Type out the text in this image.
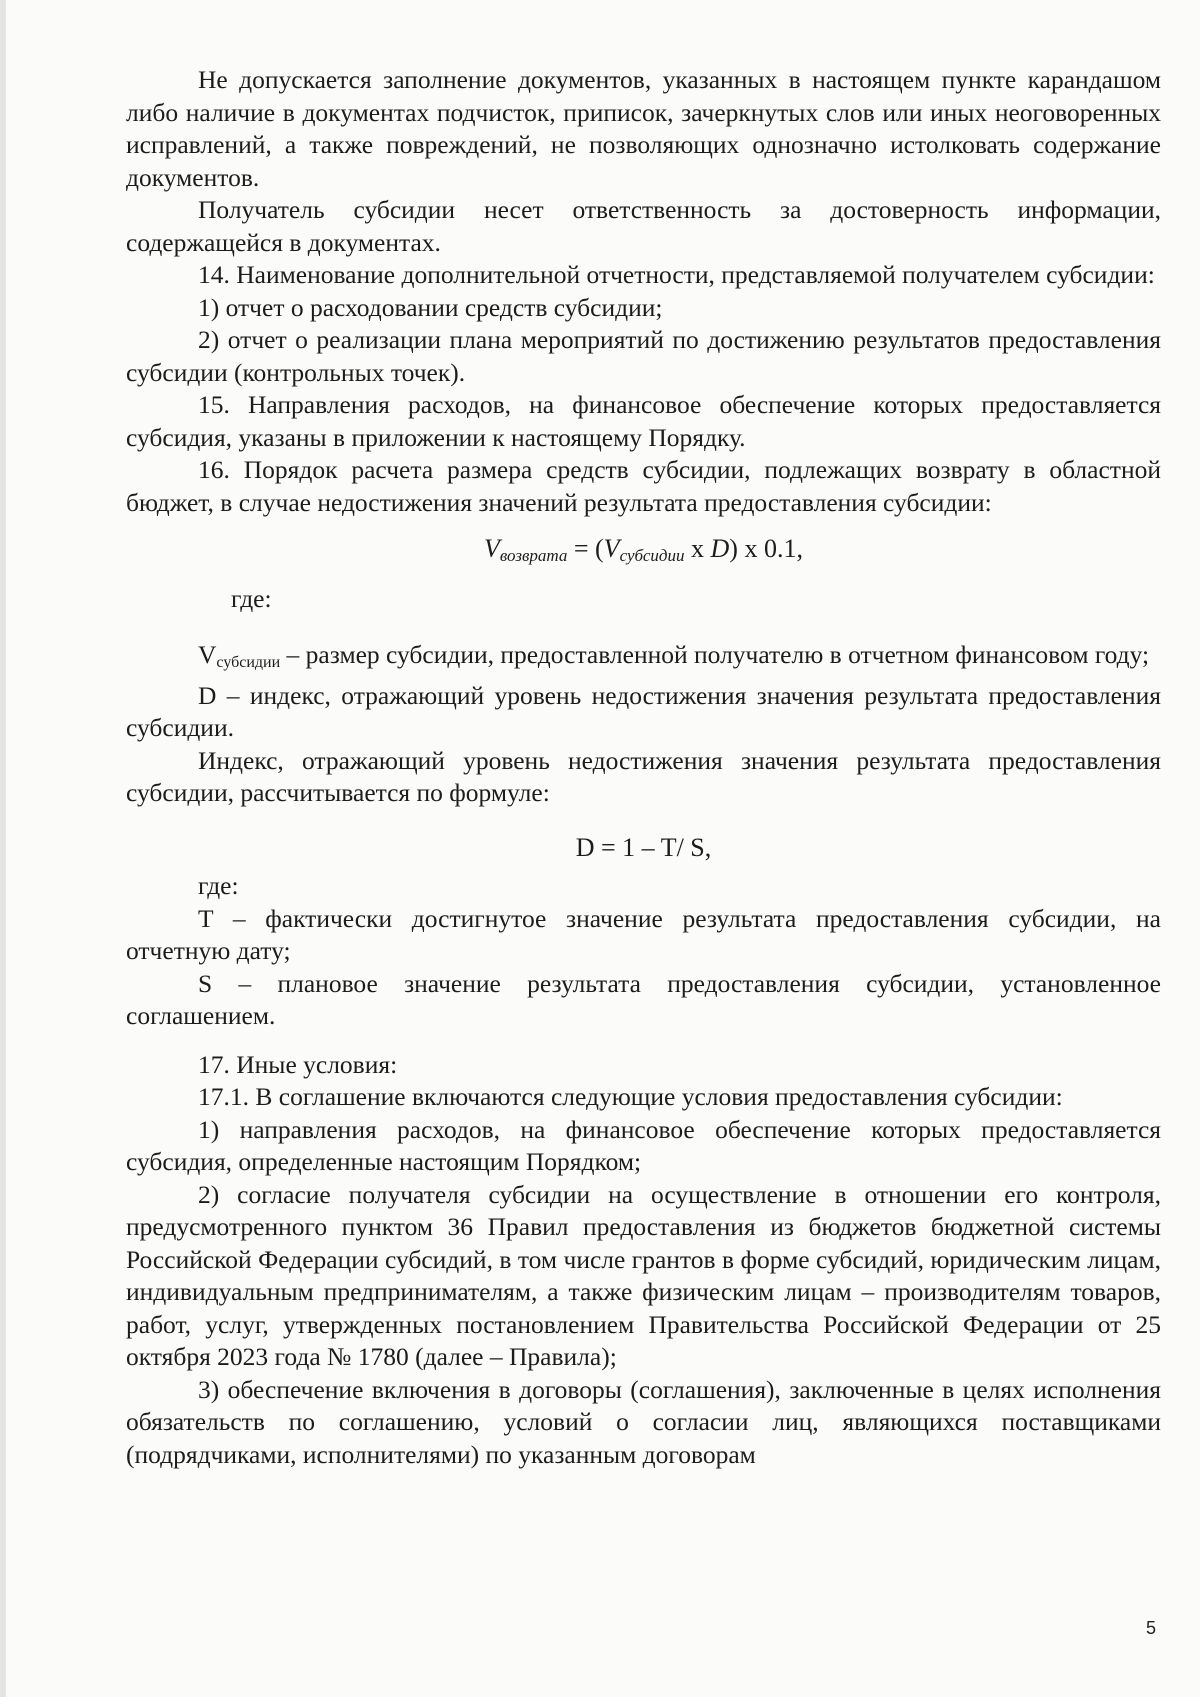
Не допускается заполнение документов, указанных в настоящем пункте карандашом либо наличие в документах подчисток, приписок, зачеркнутых слов или иных неоговоренных исправлений, а также повреждений, не позволяющих однозначно истолковать содержание документов.

Получатель субсидии несет ответственность за достоверность информации, содержащейся в документах.

14. Наименование дополнительной отчетности, представляемой получателем субсидии:

1) отчет о расходовании средств субсидии;

2) отчет о реализации плана мероприятий по достижению результатов предоставления субсидии (контрольных точек).

15. Направления расходов, на финансовое обеспечение которых предоставляется субсидия, указаны в приложении к настоящему Порядку.

16. Порядок расчета размера средств субсидии, подлежащих возврату в областной бюджет, в случае недостижения значений результата предоставления субсидии:

$V_{возврата} = (V_{субсидии}$ x D) x 0.1,

где:

$V_{субсидии}$ – размер субсидии, предоставленной получателю в отчетном финансовом году;

D – индекс, отражающий уровень недостижения значения результата предоставления субсидии.

Индекс, отражающий уровень недостижения значения результата предоставления субсидии, рассчитывается по формуле:

D = 1 – T/ S,

где:

T – фактически достигнутое значение результата предоставления субсидии, на отчетную дату;

S – плановое значение результата предоставления субсидии, установленное соглашением.

17. Иные условия:

17.1. В соглашение включаются следующие условия предоставления субсидии:

1) направления расходов, на финансовое обеспечение которых предоставляется субсидия, определенные настоящим Порядком;

2) согласие получателя субсидии на осуществление в отношении его контроля, предусмотренного пунктом 36 Правил предоставления из бюджетов бюджетной системы Российской Федерации субсидий, в том числе грантов в форме субсидий, юридическим лицам, индивидуальным предпринимателям, а также физическим лицам – производителям товаров, работ, услуг, утвержденных постановлением Правительства Российской Федерации от 25 октября 2023 года № 1780 (далее – Правила);

3) обеспечение включения в договоры (соглашения), заключенные в целях исполнения обязательств по соглашению, условий о согласии лиц, являющихся поставщиками (подрядчиками, исполнителями) по указанным договорам

5
